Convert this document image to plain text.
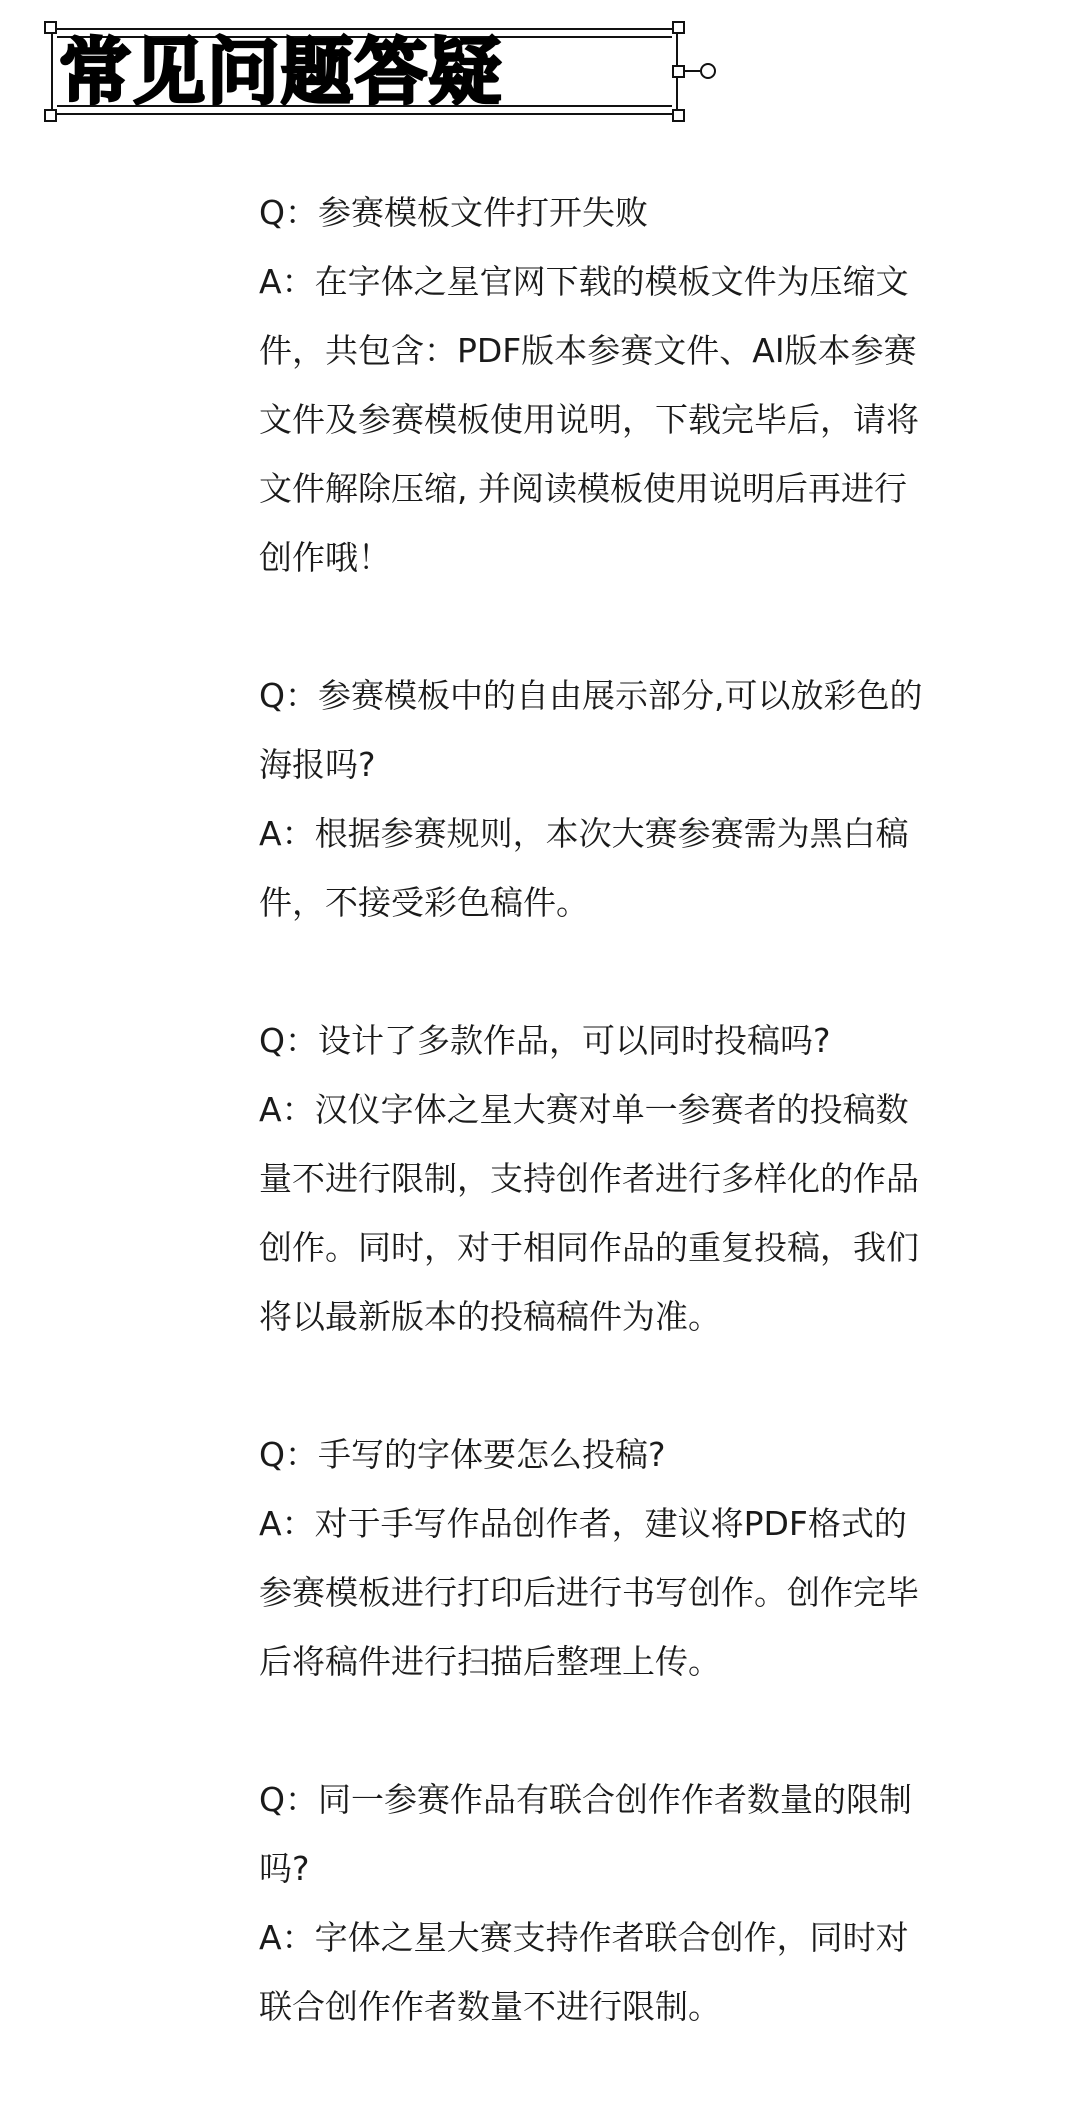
常见问题答疑
Q：参赛模板文件打开失败
A：在字体之星官网下载的模板文件为压缩文
件，共包含：PDF版本参赛文件、AI版本参赛
文件及参赛模板使用说明，下载完毕后，请将
文件解除压缩, 并阅读模板使用说明后再进行
创作哦！
Q：参赛模板中的自由展示部分,可以放彩色的
海报吗?
A：根据参赛规则，本次大赛参赛需为黑白稿
件，不接受彩色稿件。
Q：设计了多款作品，可以同时投稿吗?
A：汉仪字体之星大赛对单一参赛者的投稿数
量不进行限制，支持创作者进行多样化的作品
创作。同时，对于相同作品的重复投稿，我们
将以最新版本的投稿稿件为准。
Q：手写的字体要怎么投稿?
A：对于手写作品创作者，建议将PDF格式的
参赛模板进行打印后进行书写创作。创作完毕
后将稿件进行扫描后整理上传。
Q：同一参赛作品有联合创作作者数量的限制
吗?
A：字体之星大赛支持作者联合创作，同时对
联合创作作者数量不进行限制。
